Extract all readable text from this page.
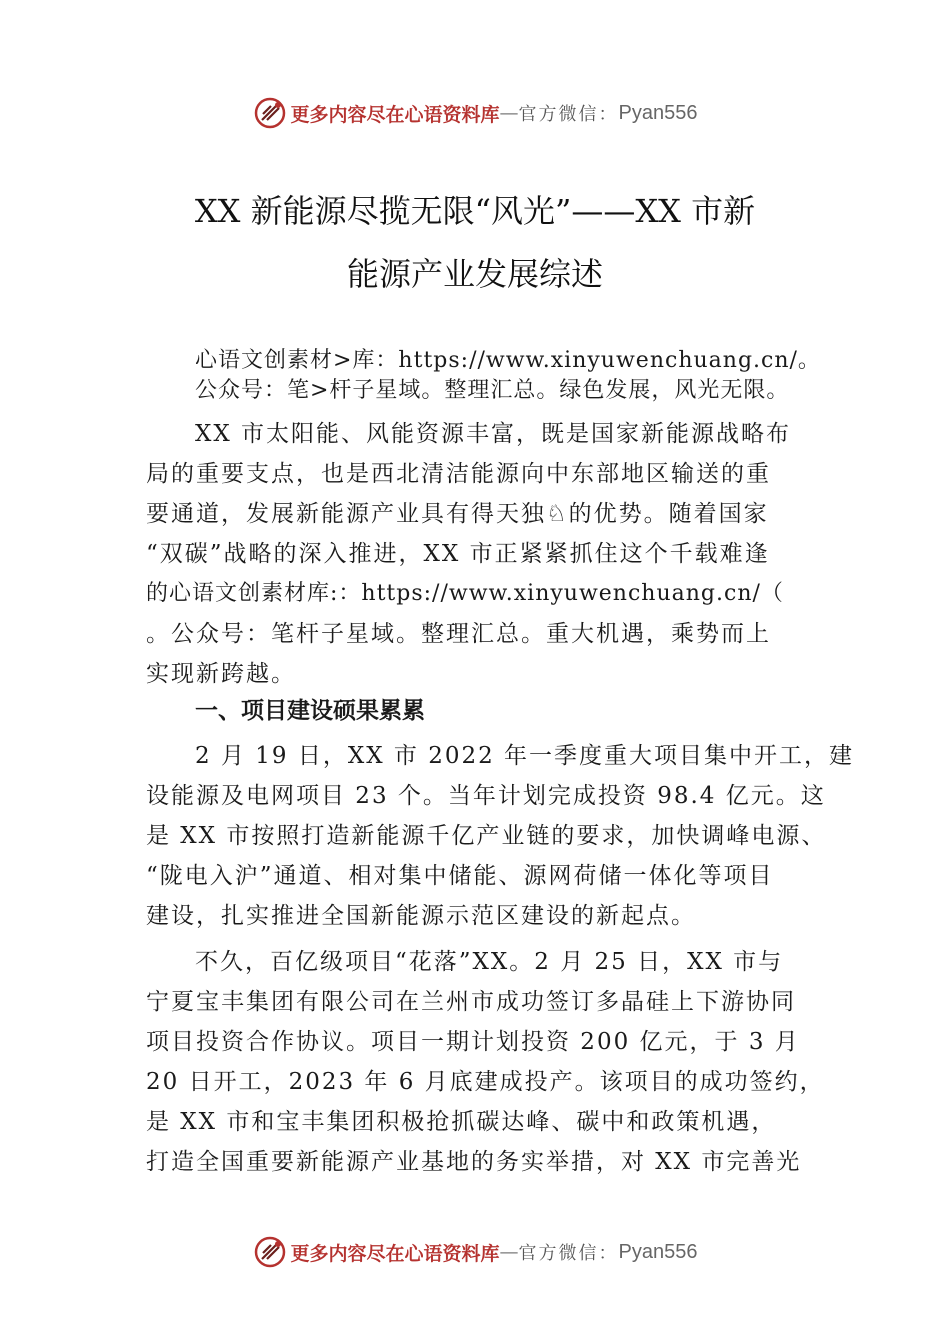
更多内容尽在心语资料库 — 官方微信： Pyan556
XX 新能源尽揽无限“风光”——XX 市新
能源产业发展综述
心语文创素材>库：https://www.xinyuwenchuang.cn/。
公众号：笔>杆子星域。整理汇总。绿色发展，风光无限。
XX 市太阳能、风能资源丰富，既是国家新能源战略布
局的重要支点，也是西北清洁能源向中东部地区输送的重
要通道，发展新能源产业具有得天独♘的优势。随着国家
“双碳”战略的深入推进，XX 市正紧紧抓住这个千载难逢
的心语文创素材库:：https://www.xinyuwenchuang.cn/（
。公众号：笔杆子星域。整理汇总。重大机遇，乘势而上
实现新跨越。
一、项目建设硕果累累
2 月 19 日，XX 市 2022 年一季度重大项目集中开工，建
设能源及电网项目 23 个。当年计划完成投资 98.4 亿元。这
是 XX 市按照打造新能源千亿产业链的要求，加快调峰电源、
“陇电入沪”通道、相对集中储能、源网荷储一体化等项目
建设，扎实推进全国新能源示范区建设的新起点。
不久，百亿级项目“花落”XX。2 月 25 日，XX 市与
宁夏宝丰集团有限公司在兰州市成功签订多晶硅上下游协同
项目投资合作协议。项目一期计划投资 200 亿元，于 3 月
20 日开工，2023 年 6 月底建成投产。该项目的成功签约，
是 XX 市和宝丰集团积极抢抓碳达峰、碳中和政策机遇，
打造全国重要新能源产业基地的务实举措，对 XX 市完善光
更多内容尽在心语资料库 — 官方微信： Pyan556
